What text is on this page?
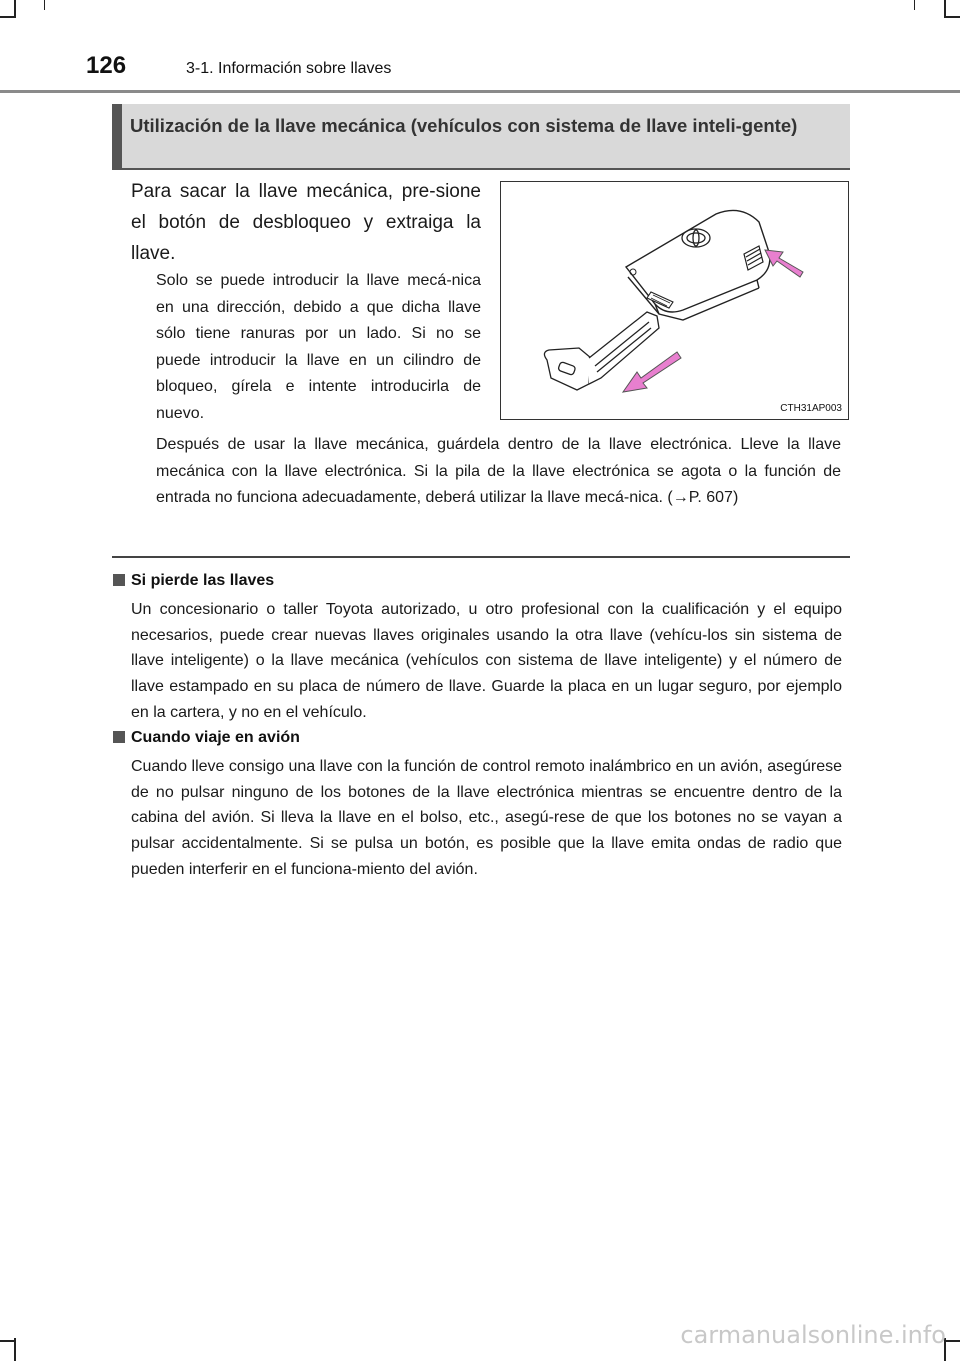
126	3-1. Información sobre llaves
Utilización de la llave mecánica (vehículos con sistema de llave inteli-gente)
Para sacar la llave mecánica, pre-sione el botón de desbloqueo y extraiga la llave.
Solo se puede introducir la llave mecá-nica en una dirección, debido a que dicha llave sólo tiene ranuras por un lado. Si no se puede introducir la llave en un cilindro de bloqueo, gírela e intente introducirla de nuevo.	CTH31AP003
Después de usar la llave mecánica, guárdela dentro de la llave electrónica. Lleve la llave mecánica con la llave electrónica. Si la pila de la llave electrónica se agota o la función de entrada no funciona adecuadamente, deberá utilizar la llave mecá-nica. (→P. 607)
Si pierde las llaves
Un concesionario o taller Toyota autorizado, u otro profesional con la cualificación y el equipo necesarios, puede crear nuevas llaves originales usando la otra llave (vehícu-los sin sistema de llave inteligente) o la llave mecánica (vehículos con sistema de llave inteligente) y el número de llave estampado en su placa de número de llave. Guarde la placa en un lugar seguro, por ejemplo en la cartera, y no en el vehículo.
Cuando viaje en avión
Cuando lleve consigo una llave con la función de control remoto inalámbrico en un avión, asegúrese de no pulsar ninguno de los botones de la llave electrónica mientras se encuentre dentro de la cabina del avión. Si lleva la llave en el bolso, etc., asegú-rese de que los botones no se vayan a pulsar accidentalmente. Si se pulsa un botón, es posible que la llave emita ondas de radio que pueden interferir en el funciona-miento del avión.
carmanualsonline.info
